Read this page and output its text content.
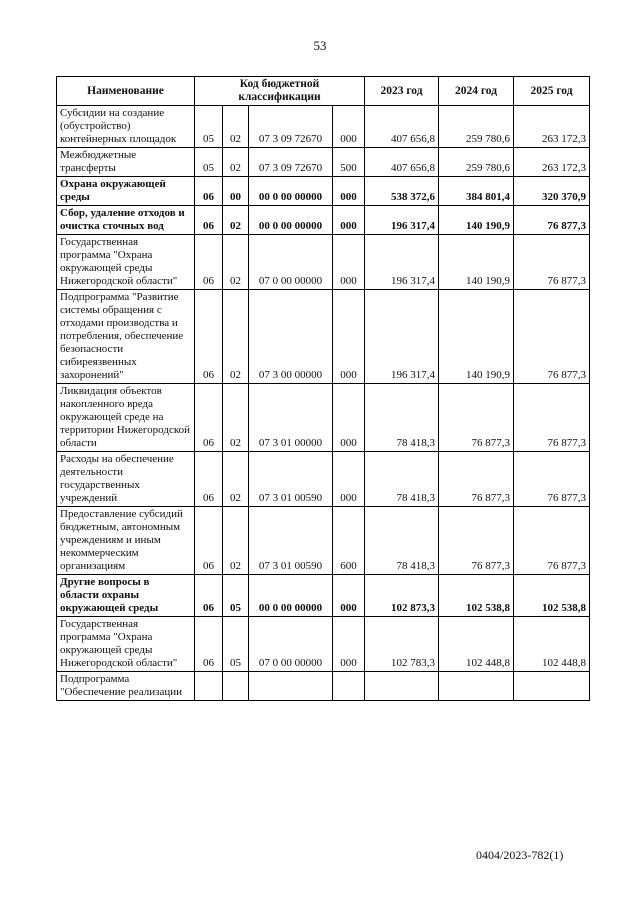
53
Наименование	Код бюджетной классификации				2023 год	2024 год	2025 год
Субсидии на создание (обустройство) контейнерных площадок	05	02	07 3 09 72670	000	407 656,8	259 780,6	263 172,3
Межбюджетные трансферты	05	02	07 3 09 72670	500	407 656,8	259 780,6	263 172,3
Охрана окружающей среды	06	00	00 0 00 00000	000	538 372,6	384 801,4	320 370,9
Сбор, удаление отходов и очистка сточных вод	06	02	00 0 00 00000	000	196 317,4	140 190,9	76 877,3
Государственная программа "Охрана окружающей среды Нижегородской области"	06	02	07 0 00 00000	000	196 317,4	140 190,9	76 877,3
Подпрограмма "Развитие системы обращения с отходами производства и потребления, обеспечение безопасности сибиреязвенных захоронений"	06	02	07 3 00 00000	000	196 317,4	140 190,9	76 877,3
Ликвидация объектов накопленного вреда окружающей среде на территории Нижегородской области	06	02	07 3 01 00000	000	78 418,3	76 877,3	76 877,3
Расходы на обеспечение деятельности государственных учреждений	06	02	07 3 01 00590	000	78 418,3	76 877,3	76 877,3
Предоставление субсидий бюджетным, автономным учреждениям и иным некоммерческим организациям	06	02	07 3 01 00590	600	78 418,3	76 877,3	76 877,3
Другие вопросы в области охраны окружающей среды	06	05	00 0 00 00000	000	102 873,3	102 538,8	102 538,8
Государственная программа "Охрана окружающей среды Нижегородской области"	06	05	07 0 00 00000	000	102 783,3	102 448,8	102 448,8
Подпрограмма "Обеспечение реализации							
0404/2023-782(1)
